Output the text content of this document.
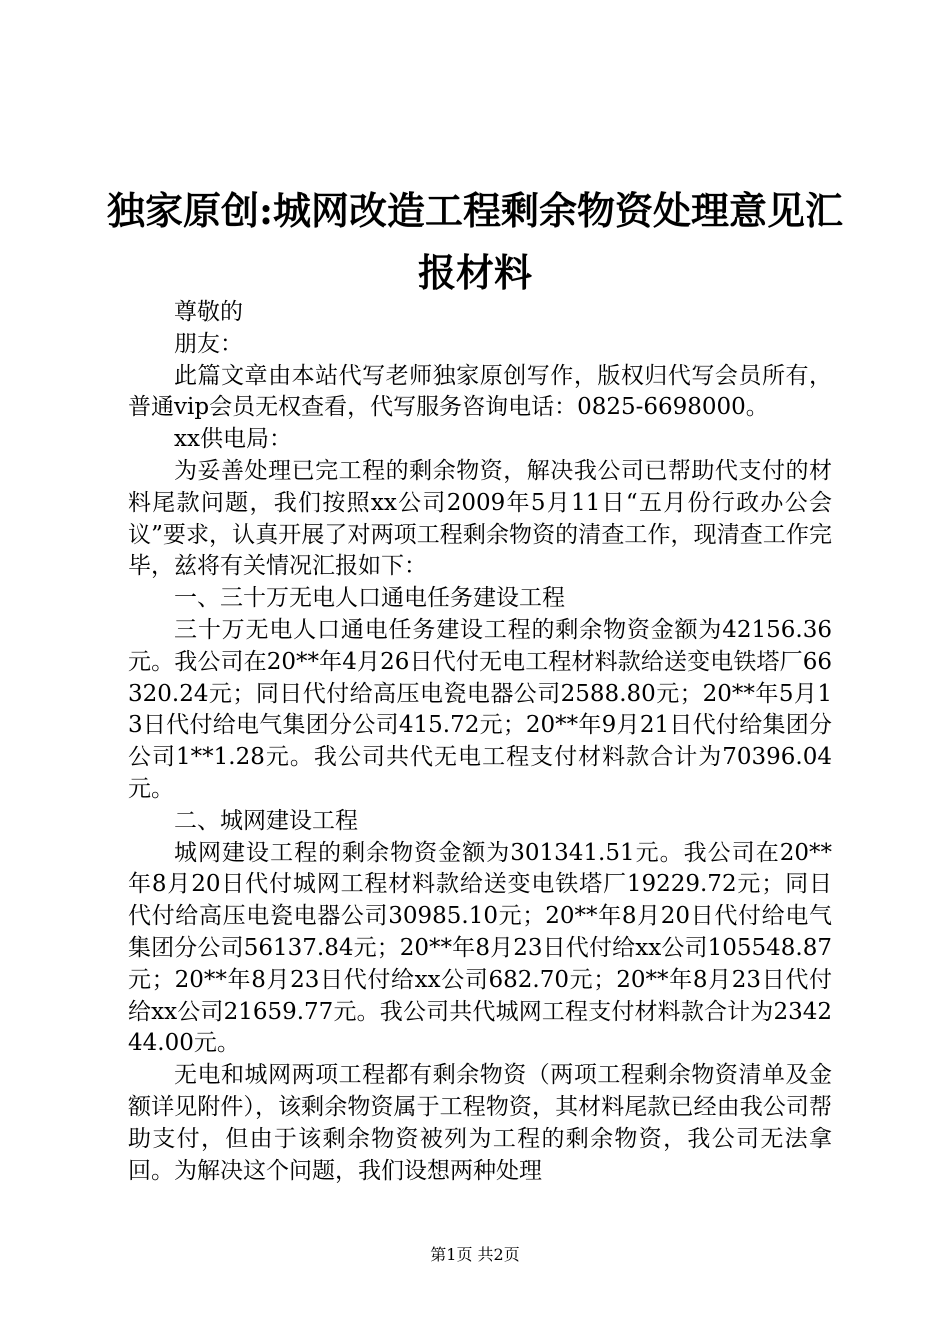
独家原创:城网改造工程剩余物资处理意见汇报材料

尊敬的

朋友：

此篇文章由本站代写老师独家原创写作，版权归代写会员所有，普通vip会员无权查看，代写服务咨询电话：0825-6698000。

xx供电局：

为妥善处理已完工程的剩余物资，解决我公司已帮助代支付的材料尾款问题，我们按照xx公司2009年5月11日“五月份行政办公会议”要求，认真开展了对两项工程剩余物资的清查工作，现清查工作完毕，兹将有关情况汇报如下：

一、三十万无电人口通电任务建设工程

三十万无电人口通电任务建设工程的剩余物资金额为42156.36元。我公司在20**年4月26日代付无电工程材料款给送变电铁塔厂66320.24元；同日代付给高压电瓷电器公司2588.80元；20**年5月13日代付给电气集团分公司415.72元；20**年9月21日代付给集团分公司1**1.28元。我公司共代无电工程支付材料款合计为70396.04元。

二、城网建设工程

城网建设工程的剩余物资金额为301341.51元。我公司在20**年8月20日代付城网工程材料款给送变电铁塔厂19229.72元；同日代付给高压电瓷电器公司30985.10元；20**年8月20日代付给电气集团分公司56137.84元；20**年8月23日代付给xx公司105548.87元；20**年8月23日代付给xx公司682.70元；20**年8月23日代付给xx公司21659.77元。我公司共代城网工程支付材料款合计为234244.00元。

无电和城网两项工程都有剩余物资（两项工程剩余物资清单及金额详见附件），该剩余物资属于工程物资，其材料尾款已经由我公司帮助支付，但由于该剩余物资被列为工程的剩余物资，我公司无法拿回。为解决这个问题，我们设想两种处理

第1页 共2页
